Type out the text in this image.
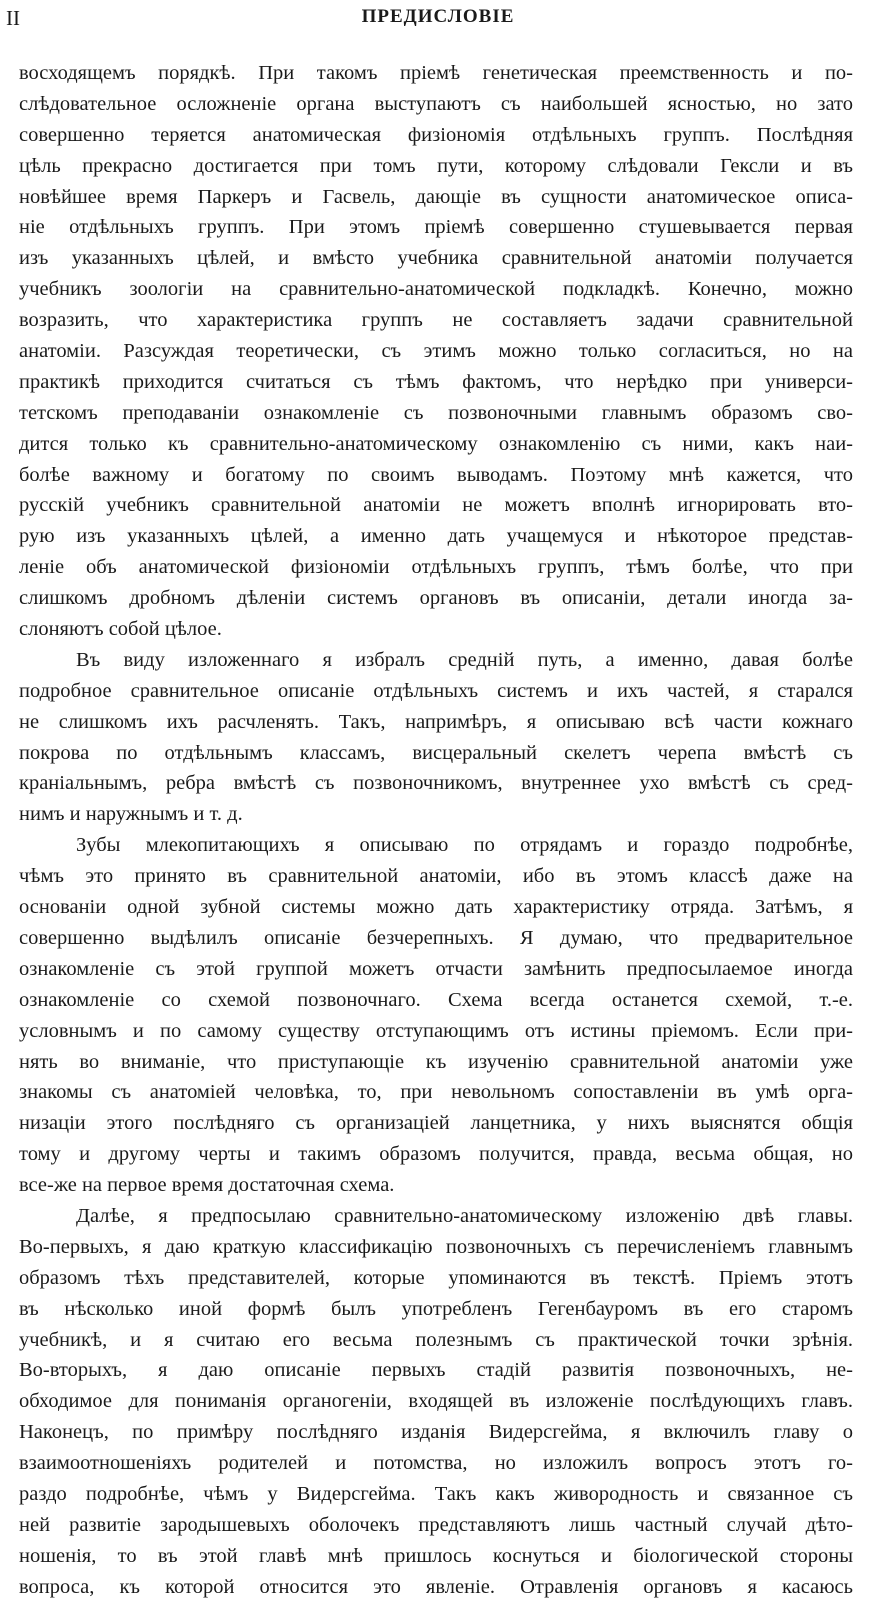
II	ПРЕДИСЛОВІЕ
восходящемъ порядкѣ. При такомъ пріемѣ генетическая преемственность и по-
слѣдовательное осложненіе органа выступаютъ съ наибольшей ясностью, но зато
совершенно теряется анатомическая физіономія отдѣльныхъ группъ. Послѣдняя
цѣль прекрасно достигается при томъ пути, которому слѣдовали Гексли и въ
новѣйшее время Паркеръ и Гасвель, дающіе въ сущности анатомическое описа-
ніе отдѣльныхъ группъ. При этомъ пріемѣ совершенно стушевывается первая
изъ указанныхъ цѣлей, и вмѣсто учебника сравнительной анатоміи получается
учебникъ зоологіи на сравнительно-анатомической подкладкѣ. Конечно, можно
возразить, что характеристика группъ не составляетъ задачи сравнительной
анатоміи. Разсуждая теоретически, съ этимъ можно только согласиться, но на
практикѣ приходится считаться съ тѣмъ фактомъ, что нерѣдко при универси-
тетскомъ преподаваніи ознакомленіе съ позвоночными главнымъ образомъ сво-
дится только къ сравнительно-анатомическому ознакомленію съ ними, какъ наи-
болѣе важному и богатому по своимъ выводамъ. Поэтому мнѣ кажется, что
русскій учебникъ сравнительной анатоміи не можетъ вполнѣ игнорировать вто-
рую изъ указанныхъ цѣлей, а именно дать учащемуся и нѣкоторое представ-
леніе объ анатомической физіономіи отдѣльныхъ группъ, тѣмъ болѣе, что при
слишкомъ дробномъ дѣленіи системъ органовъ въ описаніи, детали иногда за-
слоняютъ собой цѣлое.
Въ виду изложеннаго я избралъ средній путь, а именно, давая болѣе
подробное сравнительное описаніе отдѣльныхъ системъ и ихъ частей, я старался
не слишкомъ ихъ расчленять. Такъ, напримѣръ, я описываю всѣ части кожнаго
покрова по отдѣльнымъ классамъ, висцеральный скелетъ черепа вмѣстѣ съ
краніальнымъ, ребра вмѣстѣ съ позвоночникомъ, внутреннее ухо вмѣстѣ съ сред-
нимъ и наружнымъ и т. д.
Зубы млекопитающихъ я описываю по отрядамъ и гораздо подробнѣе,
чѣмъ это принято въ сравнительной анатоміи, ибо въ этомъ классѣ даже на
основаніи одной зубной системы можно дать характеристику отряда. Затѣмъ, я
совершенно выдѣлилъ описаніе безчерепныхъ. Я думаю, что предварительное
ознакомленіе съ этой группой можетъ отчасти замѣнить предпосылаемое иногда
ознакомленіе со схемой позвоночнаго. Схема всегда останется схемой, т.-е.
условнымъ и по самому существу отступающимъ отъ истины пріемомъ. Если при-
нять во вниманіе, что приступающіе къ изученію сравнительной анатоміи уже
знакомы съ анатоміей человѣка, то, при невольномъ сопоставленіи въ умѣ орга-
низаціи этого послѣдняго съ организаціей ланцетника, у нихъ выяснятся общія
тому и другому черты и такимъ образомъ получится, правда, весьма общая, но
все-же на первое время достаточная схема.
Далѣе, я предпосылаю сравнительно-анатомическому изложенію двѣ главы.
Во-первыхъ, я даю краткую классификацію позвоночныхъ съ перечисленіемъ главнымъ
образомъ тѣхъ представителей, которые упоминаются въ текстѣ. Пріемъ этотъ
въ нѣсколько иной формѣ былъ употребленъ Гегенбауромъ въ его старомъ
учебникѣ, и я считаю его весьма полезнымъ съ практической точки зрѣнія.
Во-вторыхъ, я даю описаніе первыхъ стадій развитія позвоночныхъ, не-
обходимое для пониманія органогеніи, входящей въ изложеніе послѣдующихъ главъ.
Наконецъ, по примѣру послѣдняго изданія Видерсгейма, я включилъ главу о
взаимоотношеніяхъ родителей и потомства, но изложилъ вопросъ этотъ го-
раздо подробнѣе, чѣмъ у Видерсгейма. Такъ какъ живородность и связанное съ
ней развитіе зародышевыхъ оболочекъ представляютъ лишь частный случай дѣто-
ношенія, то въ этой главѣ мнѣ пришлось коснуться и біологической стороны
вопроса, къ которой относится это явленіе. Отравленія органовъ я касаюсь
